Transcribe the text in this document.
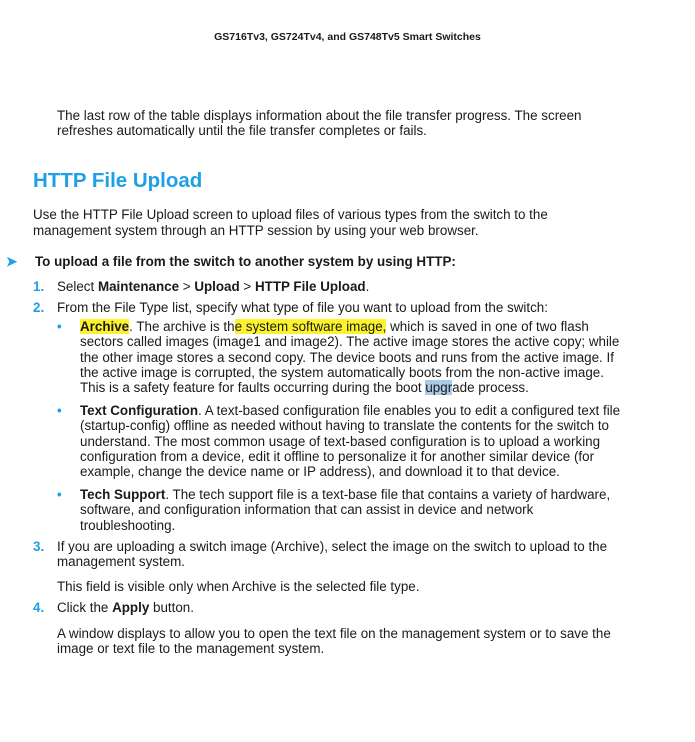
GS716Tv3, GS724Tv4, and GS748Tv5 Smart Switches

The last row of the table displays information about the file transfer progress. The screen refreshes automatically until the file transfer completes or fails.

HTTP File Upload

Use the HTTP File Upload screen to upload files of various types from the switch to the management system through an HTTP session by using your web browser.

➤ To upload a file from the switch to another system by using HTTP:
1. Select Maintenance > Upload > HTTP File Upload.
2. From the File Type list, specify what type of file you want to upload from the switch:
• Archive. The archive is the system software image, which is saved in one of two flash sectors called images (image1 and image2). The active image stores the active copy; while the other image stores a second copy. The device boots and runs from the active image. If the active image is corrupted, the system automatically boots from the non-active image. This is a safety feature for faults occurring during the boot upgrade process.
• Text Configuration. A text-based configuration file enables you to edit a configured text file (startup-config) offline as needed without having to translate the contents for the switch to understand. The most common usage of text-based configuration is to upload a working configuration from a device, edit it offline to personalize it for another similar device (for example, change the device name or IP address), and download it to that device.
• Tech Support. The tech support file is a text-base file that contains a variety of hardware, software, and configuration information that can assist in device and network troubleshooting.
3. If you are uploading a switch image (Archive), select the image on the switch to upload to the management system.

This field is visible only when Archive is the selected file type.

4. Click the Apply button.

A window displays to allow you to open the text file on the management system or to save the image or text file to the management system.
